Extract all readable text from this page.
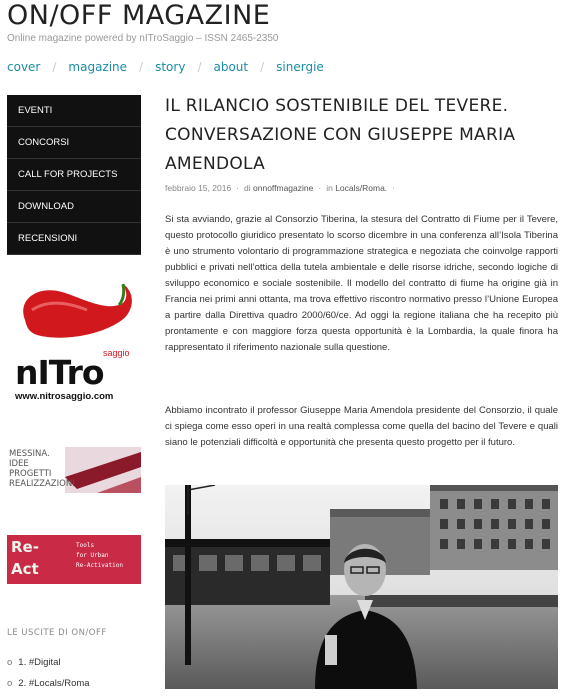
ON/OFF MAGAZINE
Online magazine powered by nITroSaggio – ISSN 2465-2350
cover / magazine / story / about / sinergie
EVENTI
CONCORSI
CALL FOR PROJECTS
DOWNLOAD
RECENSIONI
saggio
nITro
www.nitrosaggio.com
MESSINA.
IDEE
PROGETTI
REALIZZAZIONI
Re-
Act
Tools
for Urban
Re-Activation
LE USCITE DI ON/OFF
o 1. #Digital
o 2. #Locals/Roma
IL RILANCIO SOSTENIBILE DEL TEVERE. CONVERSAZIONE CON GIUSEPPE MARIA AMENDOLA
febbraio 15, 2016 · di onnoffmagazine · in Locals/Roma. ·

Si sta avviando, grazie al Consorzio Tiberina, la stesura del Contratto di Fiume per il Tevere, questo protocollo giuridico presentato lo scorso dicembre in una conferenza all’Isola Tiberina è uno strumento volontario di programmazione strategica e negoziata che coinvolge rapporti pubblici e privati nell’ottica della tutela ambientale e delle risorse idriche, secondo logiche di sviluppo economico e sociale sostenibile. Il modello del contratto di fiume ha origine già in Francia nei primi anni ottanta, ma trova effettivo riscontro normativo presso l’Unione Europea a partire dalla Direttiva quadro 2000/60/ce. Ad oggi la regione italiana che ha recepito più prontamente e con maggiore forza questa opportunità è la Lombardia, la quale finora ha rappresentato il riferimento nazionale sulla questione.

Abbiamo incontrato il professor Giuseppe Maria Amendola presidente del Consorzio, il quale ci spiega come esso operi in una realtà complessa come quella del bacino del Tevere e quali siano le potenziali difficoltà e opportunità che presenta questo progetto per il futuro.
